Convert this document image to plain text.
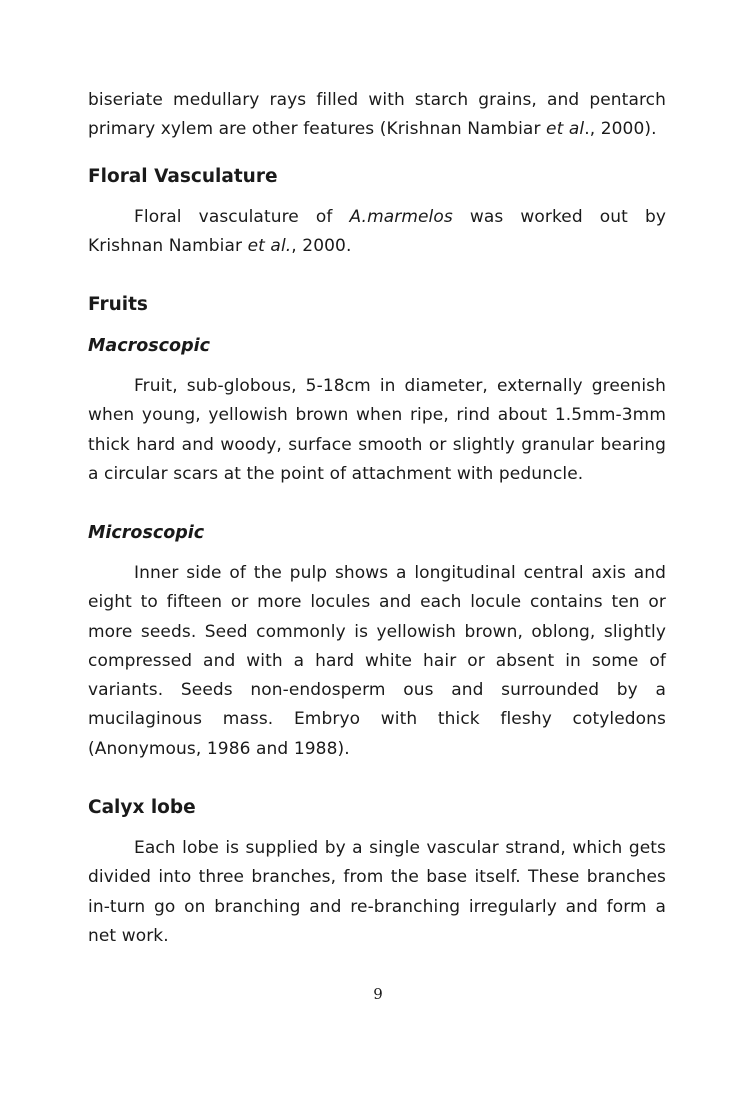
biseriate medullary rays filled with starch grains, and pentarch primary xylem are other features (Krishnan Nambiar et al., 2000).

Floral Vasculature

Floral vasculature of A.marmelos was worked out by Krishnan Nambiar et al., 2000.

Fruits
Macroscopic

Fruit, sub-globous, 5-18cm in diameter, externally greenish when young, yellowish brown when ripe, rind about 1.5mm-3mm thick hard and woody, surface smooth or slightly granular bearing a circular scars at the point of attachment with peduncle.

Microscopic

Inner side of the pulp shows a longitudinal central axis and eight to fifteen or more locules and each locule contains ten or more seeds. Seed commonly is yellowish brown, oblong, slightly compressed and with a hard white hair or absent in some of variants. Seeds non-endosperm ous and surrounded by a mucilaginous mass. Embryo with thick fleshy cotyledons (Anonymous, 1986 and 1988).

Calyx lobe

Each lobe is supplied by a single vascular strand, which gets divided into three branches, from the base itself. These branches in-turn go on branching and re-branching irregularly and form a net work.

9
